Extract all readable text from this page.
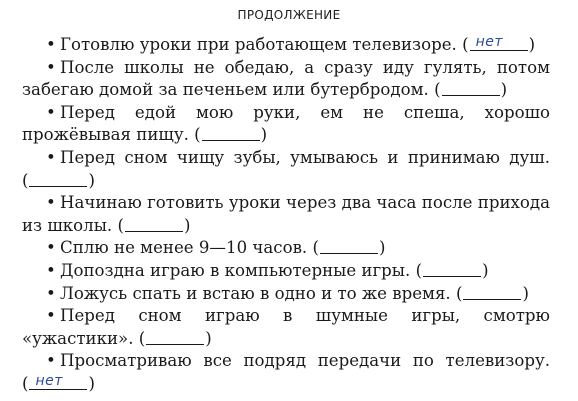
ПРОДОЛЖЕНИЕ
• Готовлю уроки при работающем телевизоре. ( нет )
• После школы не обедаю, а сразу иду гулять, потом забегаю домой за печеньем или бутербродом. (	)
• Перед едой мою руки, ем не спеша, хорошо прожёвывая пищу. (	)
• Перед сном чищу зубы, умываюсь и принимаю душ. (	)
• Начинаю готовить уроки через два часа после прихода из школы. (	)
• Сплю не менее 9—10 часов. (	)
• Допоздна играю в компьютерные игры. (	)
• Ложусь спать и встаю в одно и то же время. (	)
• Перед сном играю в шумные игры, смотрю «ужастики». (	)
• Просматриваю все подряд передачи по телевизору. ( нет )
